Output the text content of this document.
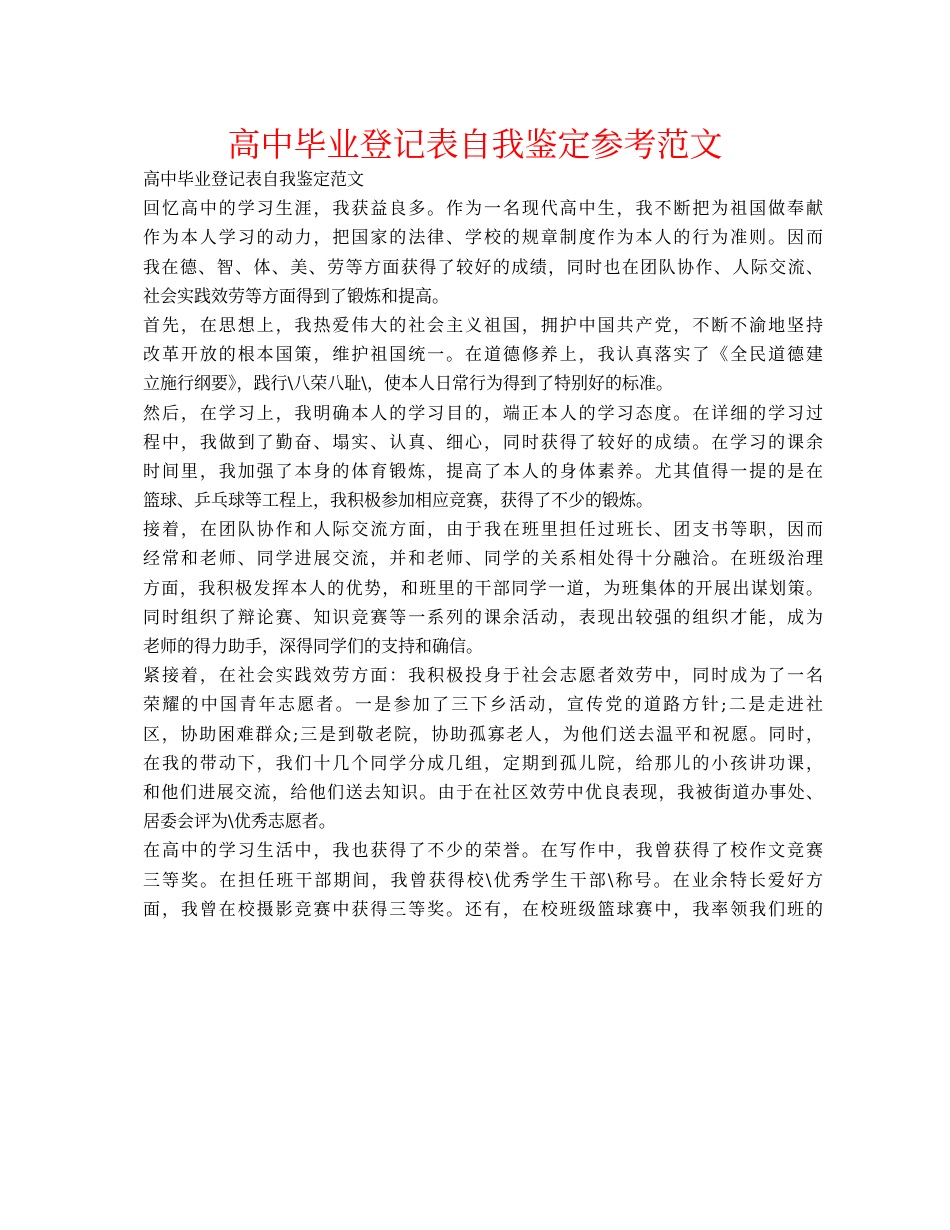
高中毕业登记表自我鉴定参考范文
高中毕业登记表自我鉴定范文
回忆高中的学习生涯，我获益良多。作为一名现代高中生，我不断把为祖国做奉献
作为本人学习的动力，把国家的法律、学校的规章制度作为本人的行为准则。因而
我在德、智、体、美、劳等方面获得了较好的成绩，同时也在团队协作、人际交流、
社会实践效劳等方面得到了锻炼和提高。
首先，在思想上，我热爱伟大的社会主义祖国，拥护中国共产党，不断不渝地坚持
改革开放的根本国策，维护祖国统一。在道德修养上，我认真落实了《全民道德建
立施行纲要》，践行\八荣八耻\，使本人日常行为得到了特别好的标准。
然后，在学习上，我明确本人的学习目的，端正本人的学习态度。在详细的学习过
程中，我做到了勤奋、塌实、认真、细心，同时获得了较好的成绩。在学习的课余
时间里，我加强了本身的体育锻炼，提高了本人的身体素养。尤其值得一提的是在
篮球、乒乓球等工程上，我积极参加相应竞赛，获得了不少的锻炼。
接着，在团队协作和人际交流方面，由于我在班里担任过班长、团支书等职，因而
经常和老师、同学进展交流，并和老师、同学的关系相处得十分融洽。在班级治理
方面，我积极发挥本人的优势，和班里的干部同学一道，为班集体的开展出谋划策。
同时组织了辩论赛、知识竞赛等一系列的课余活动，表现出较强的组织才能，成为
老师的得力助手，深得同学们的支持和确信。
紧接着，在社会实践效劳方面：我积极投身于社会志愿者效劳中，同时成为了一名
荣耀的中国青年志愿者。一是参加了三下乡活动，宣传党的道路方针;二是走进社
区，协助困难群众;三是到敬老院，协助孤寡老人，为他们送去温平和祝愿。同时，
在我的带动下，我们十几个同学分成几组，定期到孤儿院，给那儿的小孩讲功课，
和他们进展交流，给他们送去知识。由于在社区效劳中优良表现，我被街道办事处、
居委会评为\优秀志愿者。
在高中的学习生活中，我也获得了不少的荣誉。在写作中，我曾获得了校作文竞赛
三等奖。在担任班干部期间，我曾获得校\优秀学生干部\称号。在业余特长爱好方
面，我曾在校摄影竞赛中获得三等奖。还有，在校班级篮球赛中，我率领我们班的
